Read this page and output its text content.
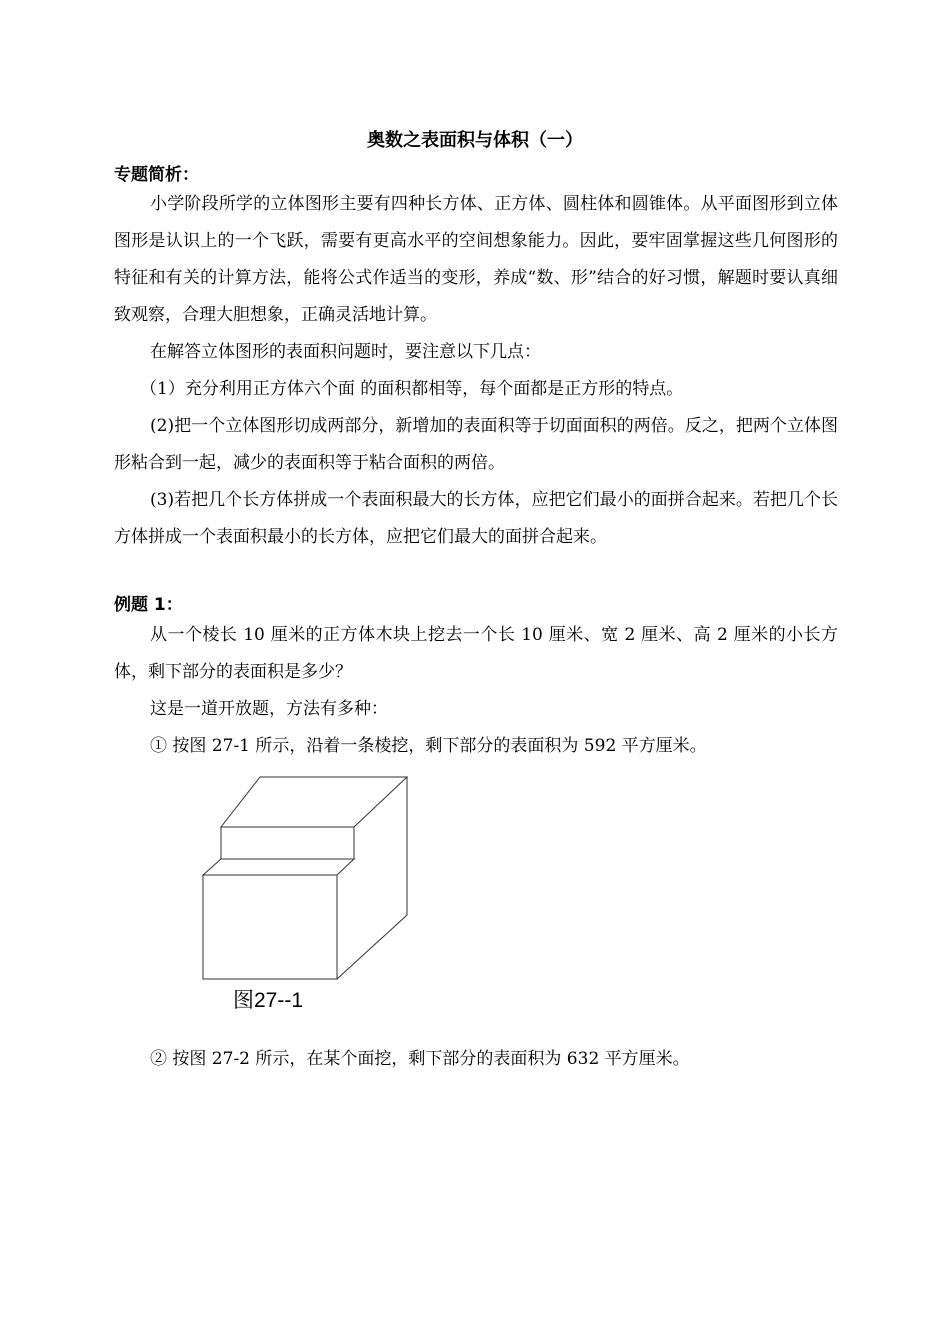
奥数之表面积与体积（一）
专题简析：

小学阶段所学的立体图形主要有四种长方体、正方体、圆柱体和圆锥体。从平面图形到立体图形是认识上的一个飞跃，需要有更高水平的空间想象能力。因此，要牢固掌握这些几何图形的特征和有关的计算方法，能将公式作适当的变形，养成“数、形”结合的好习惯，解题时要认真细致观察，合理大胆想象，正确灵活地计算。

在解答立体图形的表面积问题时，要注意以下几点：

（1）充分利用正方体六个面 的面积都相等，每个面都是正方形的特点。

(2)把一个立体图形切成两部分，新增加的表面积等于切面面积的两倍。反之，把两个立体图形粘合到一起，减少的表面积等于粘合面积的两倍。

(3)若把几个长方体拼成一个表面积最大的长方体，应把它们最小的面拼合起来。若把几个长方体拼成一个表面积最小的长方体，应把它们最大的面拼合起来。

例题 1：

从一个棱长 10 厘米的正方体木块上挖去一个长 10 厘米、宽 2 厘米、高 2 厘米的小长方体，剩下部分的表面积是多少？

这是一道开放题，方法有多种：

① 按图 27-1 所示，沿着一条棱挖，剩下部分的表面积为 592 平方厘米。

图27--1

② 按图 27-2 所示，在某个面挖，剩下部分的表面积为 632 平方厘米。
